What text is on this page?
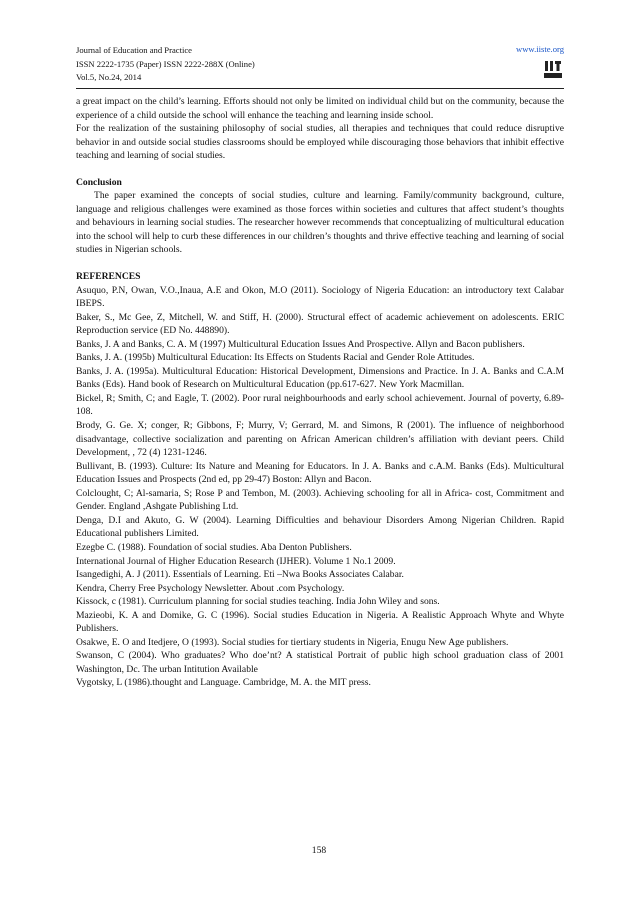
Journal of Education and Practice
ISSN 2222-1735 (Paper) ISSN 2222-288X (Online)
Vol.5, No.24, 2014
www.iiste.org

a great impact on the child’s learning. Efforts should not only be limited on individual child but on the community, because the experience of a child outside the school will enhance the teaching and learning inside school.

For the realization of the sustaining philosophy of social studies, all therapies and techniques that could reduce disruptive behavior in and outside social studies classrooms should be employed while discouraging those behaviors that inhibit effective teaching and learning of social studies.

Conclusion

The paper examined the concepts of social studies, culture and learning. Family/community background, culture, language and religious challenges were examined as those forces within societies and cultures that affect student’s thoughts and behaviours in learning social studies. The researcher however recommends that conceptualizing of multicultural education into the school will help to curb these differences in our children’s thoughts and thrive effective teaching and learning of social studies in Nigerian schools.

REFERENCES

Asuquo, P.N, Owan, V.O.,Inaua, A.E and Okon, M.O (2011). Sociology of Nigeria Education: an introductory text Calabar IBEPS.

Baker, S., Mc Gee, Z, Mitchell, W. and Stiff, H. (2000). Structural effect of academic achievement on adolescents. ERIC Reproduction service (ED No. 448890).

Banks, J. A and Banks, C. A. M (1997) Multicultural Education Issues And Prospective. Allyn and Bacon publishers.

Banks, J. A. (1995b) Multicultural Education: Its Effects on Students Racial and Gender Role Attitudes.

Banks, J. A. (1995a). Multicultural Education: Historical Development, Dimensions and Practice. In J. A. Banks and C.A.M Banks (Eds). Hand book of Research on Multicultural Education (pp.617-627. New York Macmillan.

Bickel, R; Smith, C; and Eagle, T. (2002). Poor rural neighbourhoods and early school achievement. Journal of poverty, 6.89-108.

Brody, G. Ge. X; conger, R; Gibbons, F; Murry, V; Gerrard, M. and Simons, R (2001). The influence of neighborhood disadvantage, collective socialization and parenting on African American children’s affiliation with deviant peers. Child Development, , 72 (4) 1231-1246.

Bullivant, B. (1993). Culture: Its Nature and Meaning for Educators. In J. A. Banks and c.A.M. Banks (Eds). Multicultural Education Issues and Prospects (2nd ed, pp 29-47) Boston: Allyn and Bacon.

Colclought, C; Al-samaria, S; Rose P and Tembon, M. (2003). Achieving schooling for all in Africa- cost, Commitment and Gender. England ,Ashgate Publishing Ltd.

Denga, D.I and Akuto, G. W (2004). Learning Difficulties and behaviour Disorders Among Nigerian Children. Rapid Educational publishers Limited.

Ezegbe C. (1988). Foundation of social studies. Aba Denton Publishers.

International Journal of Higher Education Research (IJHER). Volume 1 No.1 2009.

Isangedighi, A. J (2011). Essentials of Learning. Eti –Nwa Books Associates Calabar.

Kendra, Cherry Free Psychology Newsletter. About .com Psychology.

Kissock, c (1981). Curriculum planning for social studies teaching. India John Wiley and sons.

Mazieobi, K. A and Domike, G. C (1996). Social studies Education in Nigeria. A Realistic Approach Whyte and Whyte Publishers.

Osakwe, E. O and Itedjere, O (1993). Social studies for tiertiary students in Nigeria, Enugu New Age publishers.

Swanson, C (2004). Who graduates? Who doe’nt? A statistical Portrait of public high school graduation class of 2001 Washington, Dc. The urban Intitution Available

Vygotsky, L (1986).thought and Language. Cambridge, M. A. the MIT press.

158
